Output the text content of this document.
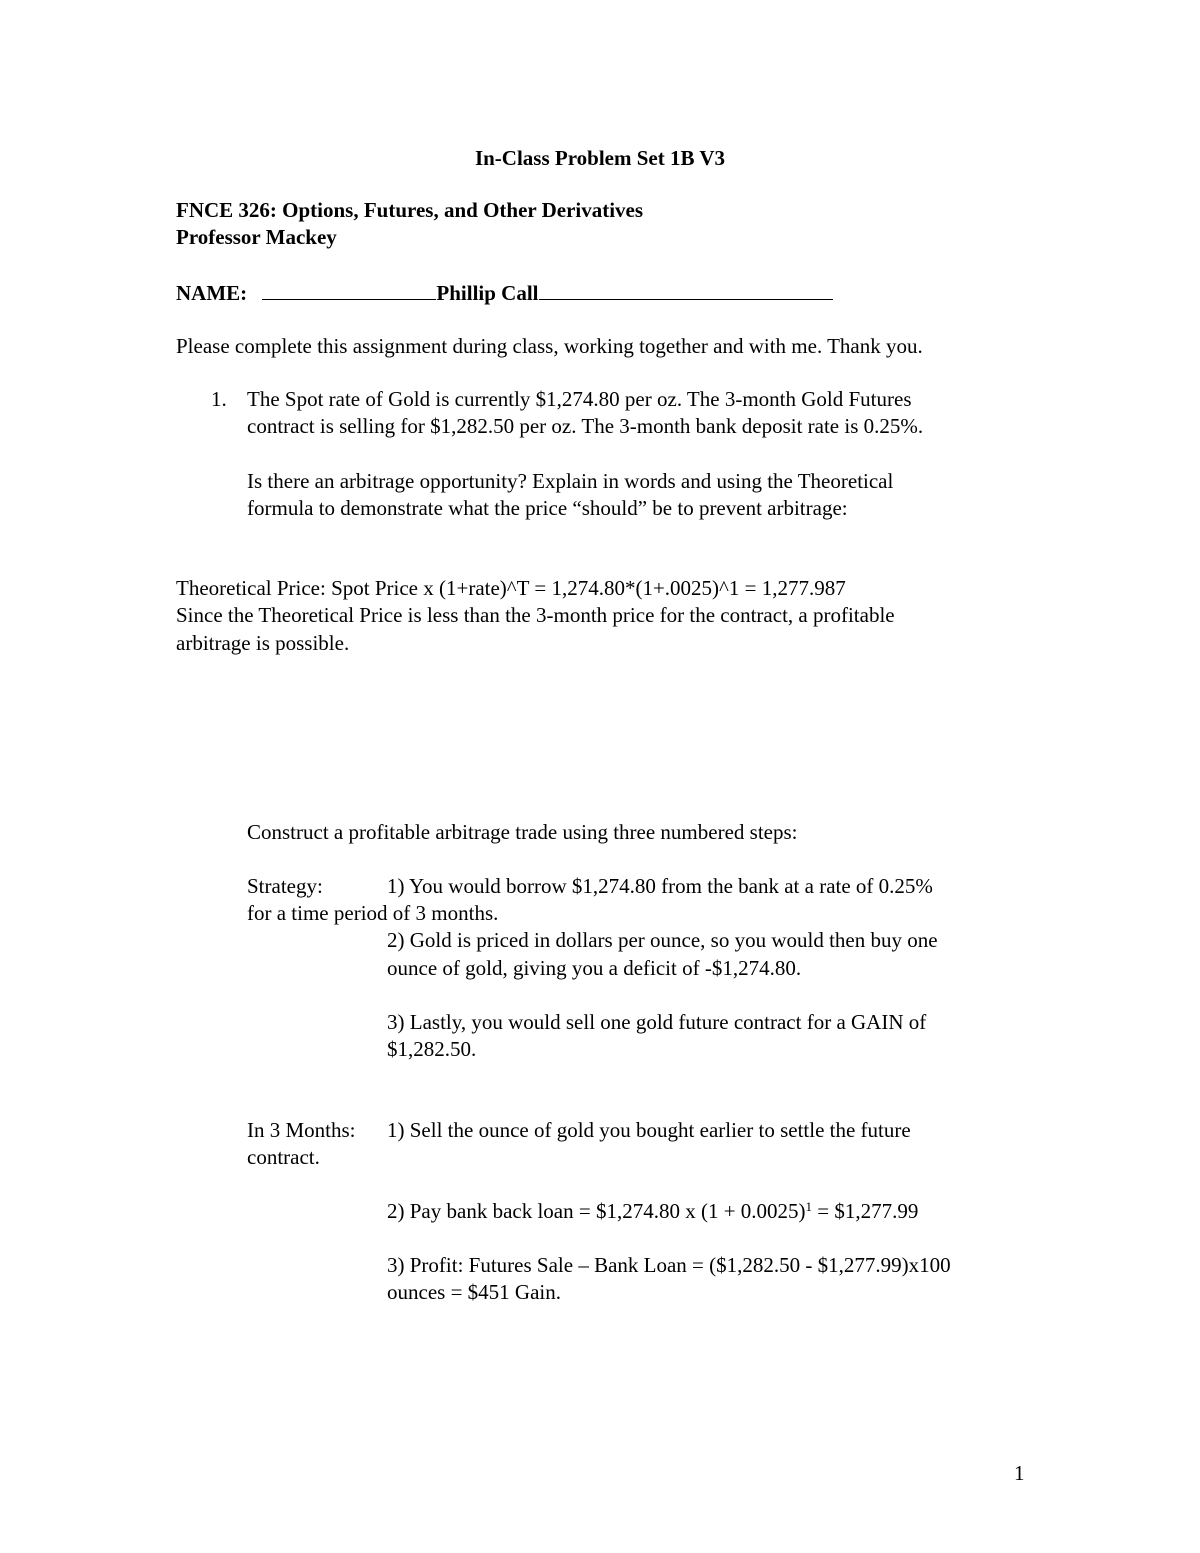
In-Class Problem Set 1B V3
FNCE 326: Options, Futures, and Other Derivatives
Professor Mackey
NAME:	Phillip Call
Please complete this assignment during class, working together and with me. Thank you.
1. The Spot rate of Gold is currently $1,274.80 per oz. The 3-month Gold Futures
contract is selling for $1,282.50 per oz. The 3-month bank deposit rate is 0.25%.
Is there an arbitrage opportunity? Explain in words and using the Theoretical
formula to demonstrate what the price “should” be to prevent arbitrage:
Theoretical Price: Spot Price x (1+rate)^T = 1,274.80*(1+.0025)^1 = 1,277.987
Since the Theoretical Price is less than the 3-month price for the contract, a profitable
arbitrage is possible.
Construct a profitable arbitrage trade using three numbered steps:
Strategy:	1) You would borrow $1,274.80 from the bank at a rate of 0.25%
for a time period of 3 months.
2) Gold is priced in dollars per ounce, so you would then buy one
ounce of gold, giving you a deficit of -$1,274.80.
3) Lastly, you would sell one gold future contract for a GAIN of
$1,282.50.
In 3 Months: 1) Sell the ounce of gold you bought earlier to settle the future
contract.
2) Pay bank back loan = $1,274.80 x $(1 + 0.0025)^1$ = $1,277.99
3) Profit: Futures Sale – Bank Loan = ($1,282.50 - $1,277.99)x100
ounces = $451 Gain.
1
